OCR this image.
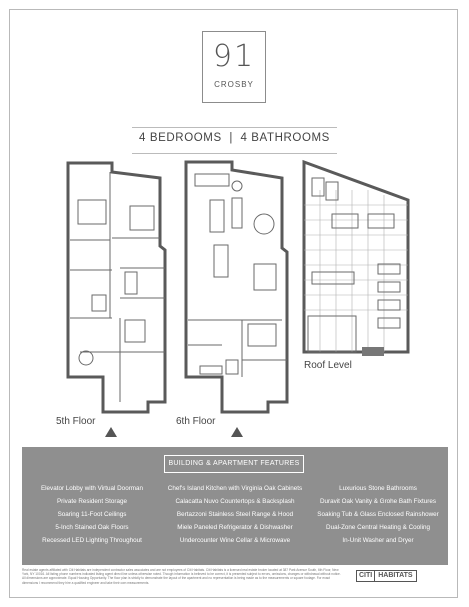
91
CROSBY
4 BEDROOMS  |  4 BATHROOMS
5th Floor	6th Floor
Roof Level
BUILDING & APARTMENT FEATURES
Elevator Lobby with Virtual Doorman
Private Resident Storage
Soaring 11-Foot Ceilings
5-Inch Stained Oak Floors
Recessed LED Lighting Throughout
Chef's Island Kitchen with Virginia Oak Cabinets
Calacatta Nuvo Countertops & Backsplash
Bertazzoni Stainless Steel Range & Hood
Miele Paneled Refrigerator & Dishwasher
Undercounter Wine Cellar & Microwave
Luxurious Stone Bathrooms
Duravit Oak Vanity & Grohe Bath Fixtures
Soaking Tub & Glass Enclosed Rainshower
Dual-Zone Central Heating & Cooling
In-Unit Washer and Dryer
Real estate agents affiliated with Citi Habitats are independent contractor sales associates and are not employees of Citi Habitats. Citi Habitats is a licensed real estate broker located at 387 Park Avenue South, 6th Floor, New York, NY 10016. All listing phone numbers indicated listing agent direct line unless otherwise noted. Though information is believed to be correct, it is presented subject to errors, omissions, changes or withdrawal without notice. All dimensions are approximate. Equal Housing Opportunity. The floor plan is strictly to demonstrate the layout of the apartment and no representation is being made as to the measurements or square footage. For exact dimensions I recommend they hire a qualified engineer and take their own measurements.
CITI HABITATS
